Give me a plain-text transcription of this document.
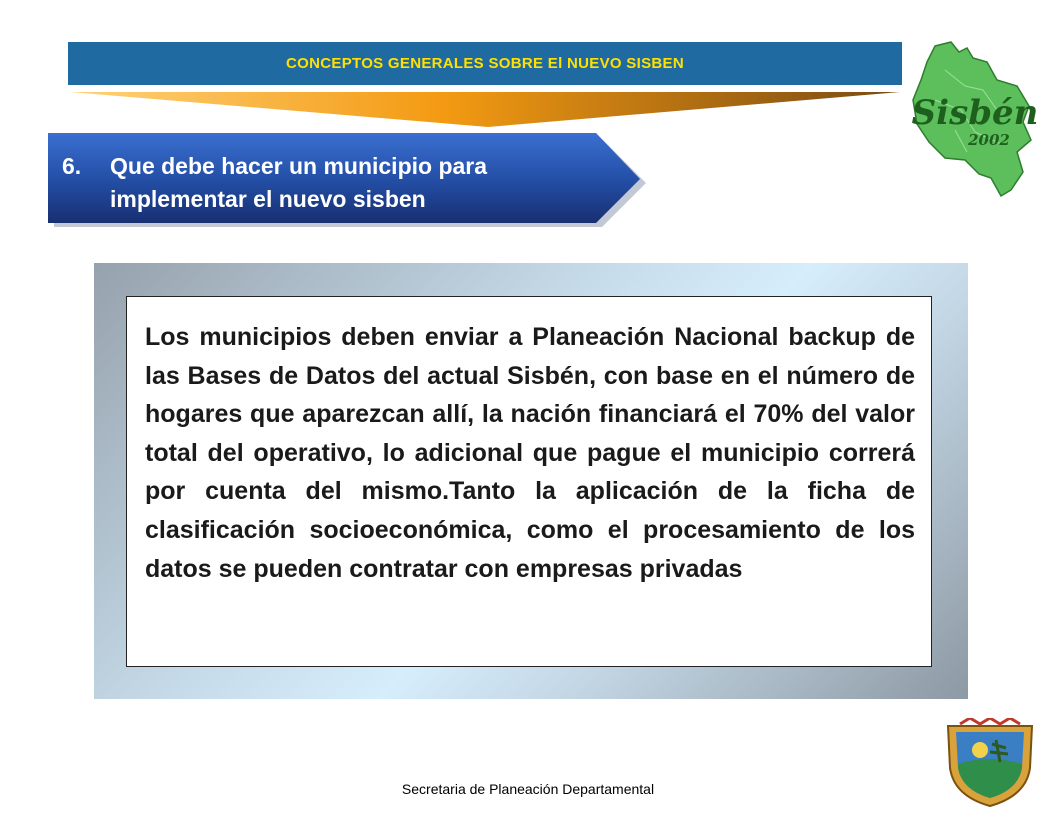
CONCEPTOS GENERALES SOBRE El NUEVO SISBEN
6.	Que debe hacer un municipio para implementar el nuevo sisben

Los municipios deben enviar a Planeación Nacional backup de las Bases de Datos del actual Sisbén, con base en el número de hogares que aparezcan allí, la nación financiará el 70% del valor total del operativo, lo adicional que pague el municipio correrá por cuenta del mismo.Tanto la aplicación de la ficha de clasificación socioeconómica, como el procesamiento de los datos se pueden contratar con empresas privadas

Sisbén
2002
Secretaria de Planeación Departamental
